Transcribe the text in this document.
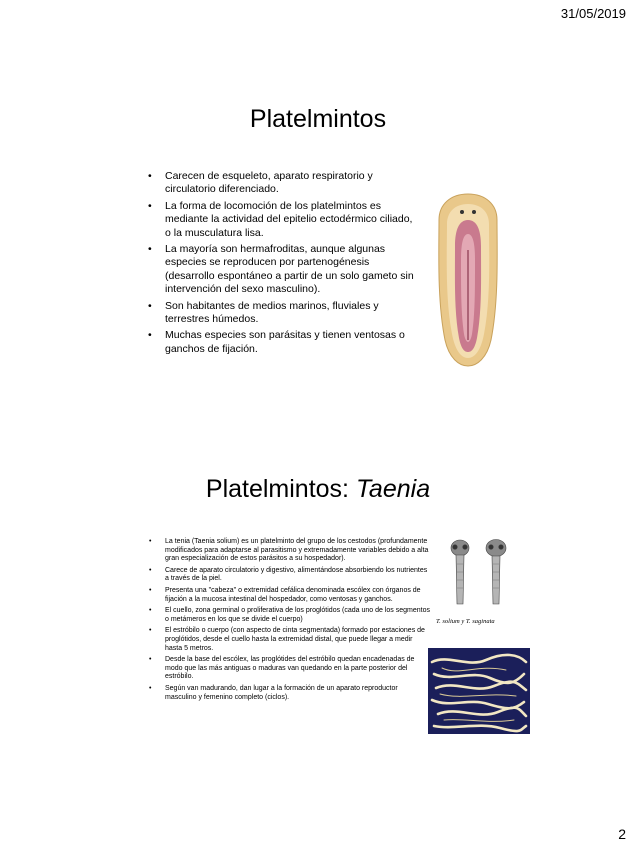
31/05/2019
Platelmintos
• Carecen de esqueleto, aparato respiratorio y circulatorio diferenciado.
• La forma de locomoción de los platelmintos es mediante la actividad del epitelio ectodérmico ciliado, o la musculatura lisa.
• La mayoría son hermafroditas, aunque algunas especies se reproducen por partenogénesis (desarrollo espontáneo a partir de un solo gameto sin intervención del sexo masculino).
• Son habitantes de medios marinos, fluviales y terrestres húmedos.
• Muchas especies son parásitas y tienen ventosas o ganchos de fijación.
Platelmintos: Taenia
• La tenia (Taenia solium) es un platelminto del grupo de los cestodos (profundamente modificados para adaptarse al parasitismo y extremadamente variables debido a alta gran especialización de estos parásitos a su hospedador).
• Carece de aparato circulatorio y digestivo, alimentándose absorbiendo los nutrientes a través de la piel.
• Presenta una "cabeza" o extremidad cefálica denominada escólex con órganos de fijación a la mucosa intestinal del hospedador, como ventosas y ganchos.
• El cuello, zona germinal o proliferativa de los proglótidos (cada uno de los segmentos o metámeros en los que se divide el cuerpo)
• El estróbilo o cuerpo (con aspecto de cinta segmentada) formado por estaciones de proglótidos, desde el cuello hasta la extremidad distal, que puede llegar a medir hasta 5 metros.
• Desde la base del escólex, las proglótides del estróbilo quedan encadenadas de modo que las más antiguas o maduras van quedando en la parte posterior del estróbilo.
• Según van madurando, dan lugar a la formación de un aparato reproductor masculino y femenino completo (ciclos).
T. solium y T. saginata
2
